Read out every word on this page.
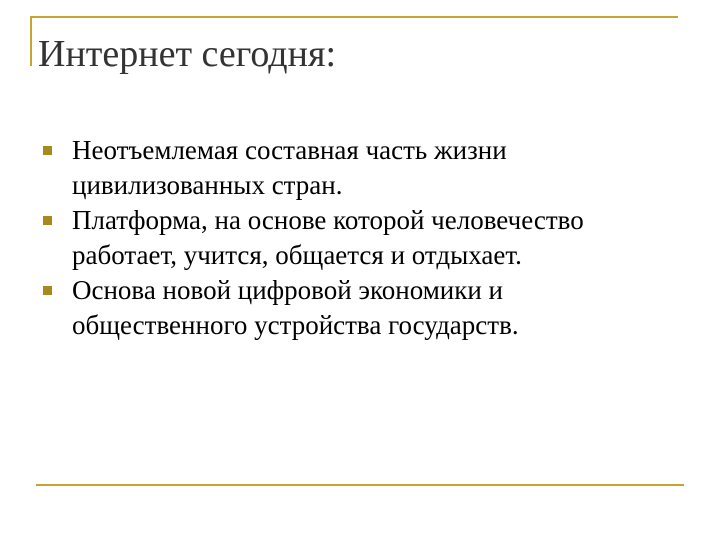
Интернет сегодня:
Неотъемлемая составная часть жизни цивилизованных стран.
Платформа, на основе которой человечество работает, учится, общается и отдыхает.
Основа новой цифровой экономики и общественного устройства государств.
